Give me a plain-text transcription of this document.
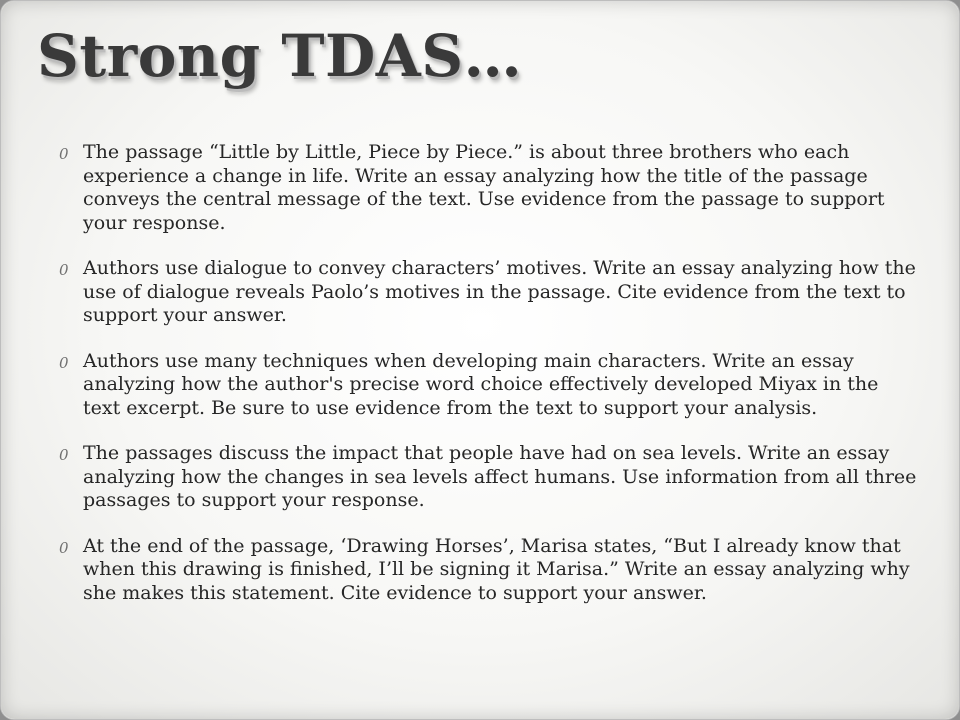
Strong TDAS…
0 The passage “Little by Little, Piece by Piece.” is about three brothers who each experience a change in life. Write an essay analyzing how the title of the passage conveys the central message of the text. Use evidence from the passage to support your response.
0 Authors use dialogue to convey characters’ motives. Write an essay analyzing how the use of dialogue reveals Paolo’s motives in the passage. Cite evidence from the text to support your answer.
0 Authors use many techniques when developing main characters. Write an essay analyzing how the author's precise word choice effectively developed Miyax in the text excerpt. Be sure to use evidence from the text to support your analysis.
0 The passages discuss the impact that people have had on sea levels. Write an essay analyzing how the changes in sea levels affect humans. Use information from all three passages to support your response.
0 At the end of the passage, ‘Drawing Horses’, Marisa states, “But I already know that when this drawing is finished, I’ll be signing it Marisa.” Write an essay analyzing why she makes this statement. Cite evidence to support your answer.
